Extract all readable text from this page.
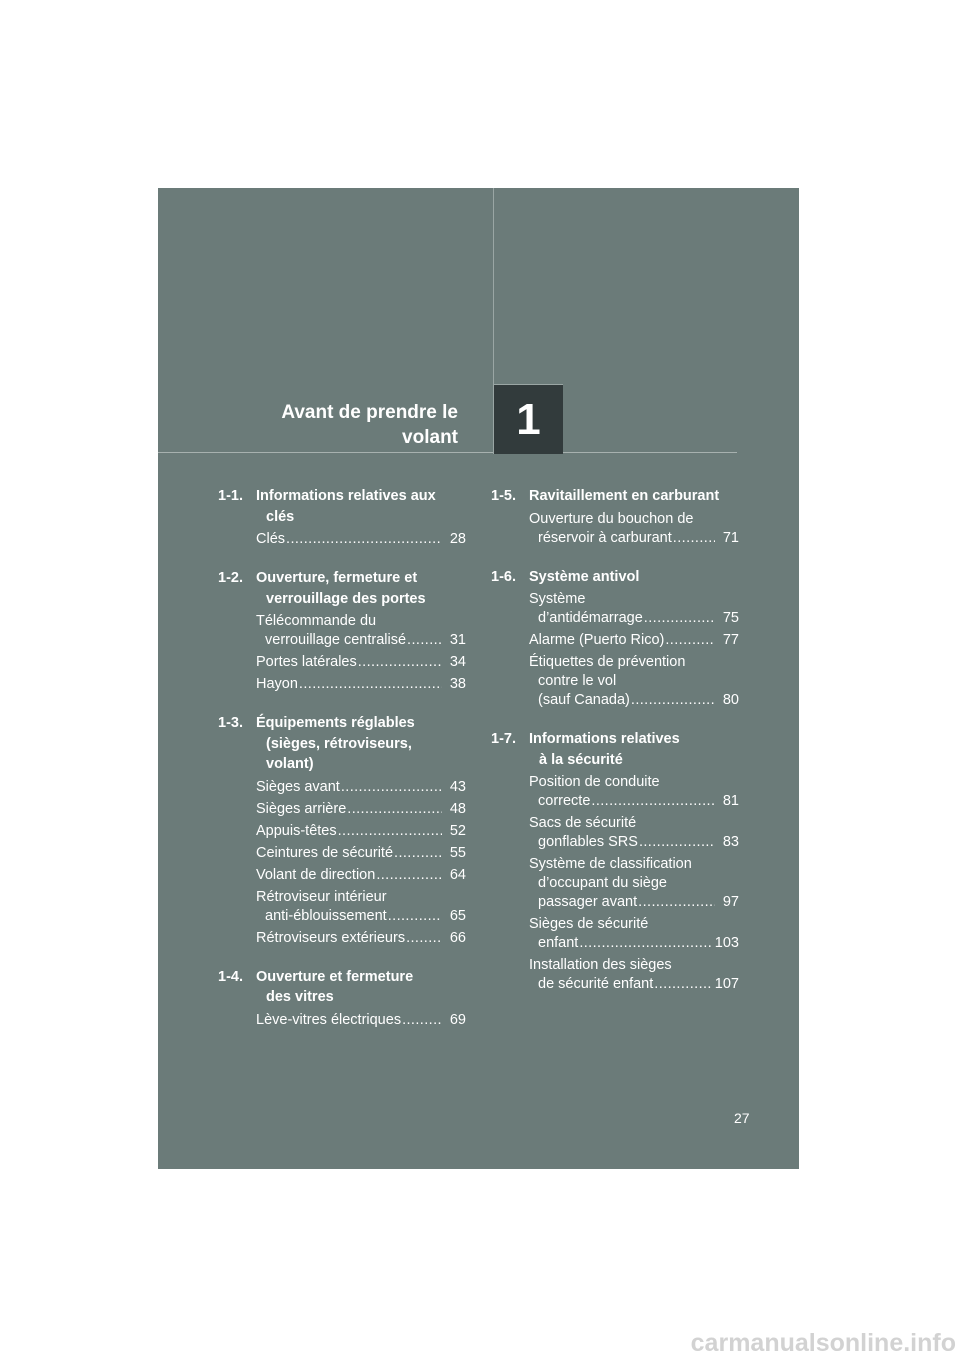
Avant de prendre le
volant	1
1-1. Informations relatives aux
clés
Clés .....	28
1-2. Ouverture, fermeture et
verrouillage des portes
Télécommande du
verrouillage centralisé .....	31
Portes latérales .....	34
Hayon .....	38
1-3. Équipements réglables
(sièges, rétroviseurs,
volant)
Sièges avant .....	43
Sièges arrière .....	48
Appuis-têtes .....	52
Ceintures de sécurité .....	55
Volant de direction .....	64
Rétroviseur intérieur
anti-éblouissement .....	65
Rétroviseurs extérieurs .....	66
1-4. Ouverture et fermeture
des vitres
Lève-vitres électriques .....	69
1-5. Ravitaillement en carburant
Ouverture du bouchon de
réservoir à carburant .....	71
1-6. Système antivol
Système
d’antidémarrage .....	75
Alarme (Puerto Rico) .....	77
Étiquettes de prévention
contre le vol
(sauf Canada) .....	80
1-7. Informations relatives
à la sécurité
Position de conduite
correcte .....	81
Sacs de sécurité
gonflables SRS .....	83
Système de classification
d’occupant du siège
passager avant .....	97
Sièges de sécurité
enfant .....	103
Installation des sièges
de sécurité enfant .....	107
27
carmanualsonline.info
